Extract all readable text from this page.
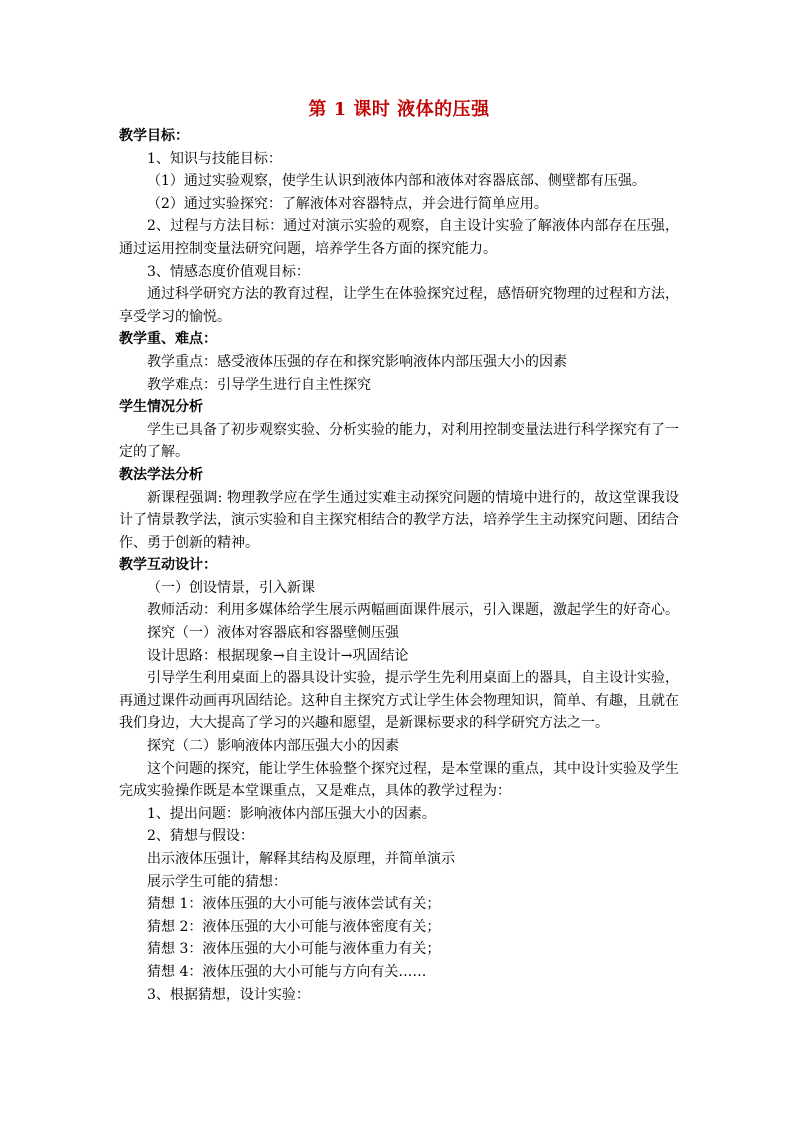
第 1 课时 液体的压强

教学目标：

1、知识与技能目标：

（1）通过实验观察，使学生认识到液体内部和液体对容器底部、侧壁都有压强。

（2）通过实验探究：了解液体对容器特点，并会进行简单应用。

2、过程与方法目标：通过对演示实验的观察，自主设计实验了解液体内部存在压强，通过运用控制变量法研究问题，培养学生各方面的探究能力。

3、情感态度价值观目标：

通过科学研究方法的教育过程，让学生在体验探究过程，感悟研究物理的过程和方法，享受学习的愉悦。

教学重、难点：

教学重点：感受液体压强的存在和探究影响液体内部压强大小的因素

教学难点：引导学生进行自主性探究

学生情况分析

学生已具备了初步观察实验、分析实验的能力，对利用控制变量法进行科学探究有了一定的了解。

教法学法分析

新课程强调: 物理教学应在学生通过实难主动探究问题的情境中进行的，故这堂课我设计了情景教学法，演示实验和自主探究相结合的教学方法，培养学生主动探究问题、团结合作、勇于创新的精神。

教学互动设计：

（一）创设情景，引入新课

教师活动：利用多媒体给学生展示两幅画面课件展示，引入课题，激起学生的好奇心。

探究（一）液体对容器底和容器壁侧压强

设计思路：根据现象→自主设计→巩固结论

引导学生利用桌面上的器具设计实验，提示学生先利用桌面上的器具，自主设计实验，再通过课件动画再巩固结论。这种自主探究方式让学生体会物理知识，简单、有趣，且就在我们身边，大大提高了学习的兴趣和愿望，是新课标要求的科学研究方法之一。

探究（二）影响液体内部压强大小的因素

这个问题的探究，能让学生体验整个探究过程，是本堂课的重点，其中设计实验及学生完成实验操作既是本堂课重点，又是难点，具体的教学过程为：

1、提出问题：影响液体内部压强大小的因素。

2、猜想与假设：

出示液体压强计，解释其结构及原理，并简单演示

展示学生可能的猜想：

猜想 1：液体压强的大小可能与液体尝试有关；

猜想 2：液体压强的大小可能与液体密度有关；

猜想 3：液体压强的大小可能与液体重力有关；

猜想 4：液体压强的大小可能与方向有关……

3、根据猜想，设计实验：
